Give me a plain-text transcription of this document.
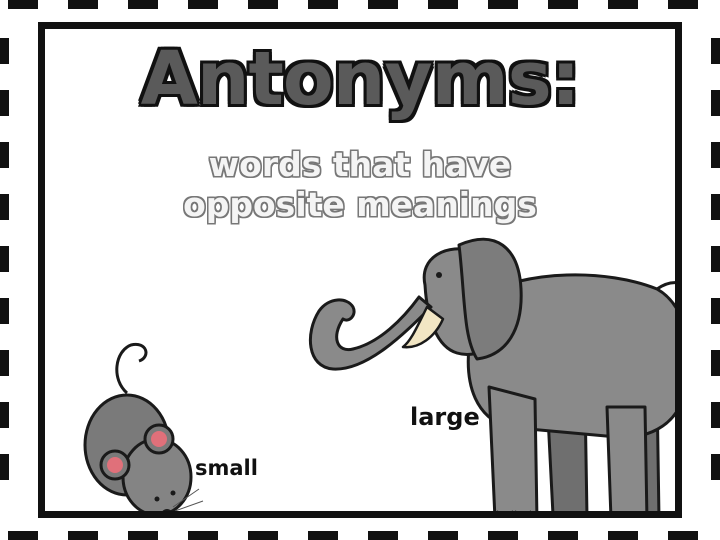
Antonyms:
words that have
opposite meanings
large
small
